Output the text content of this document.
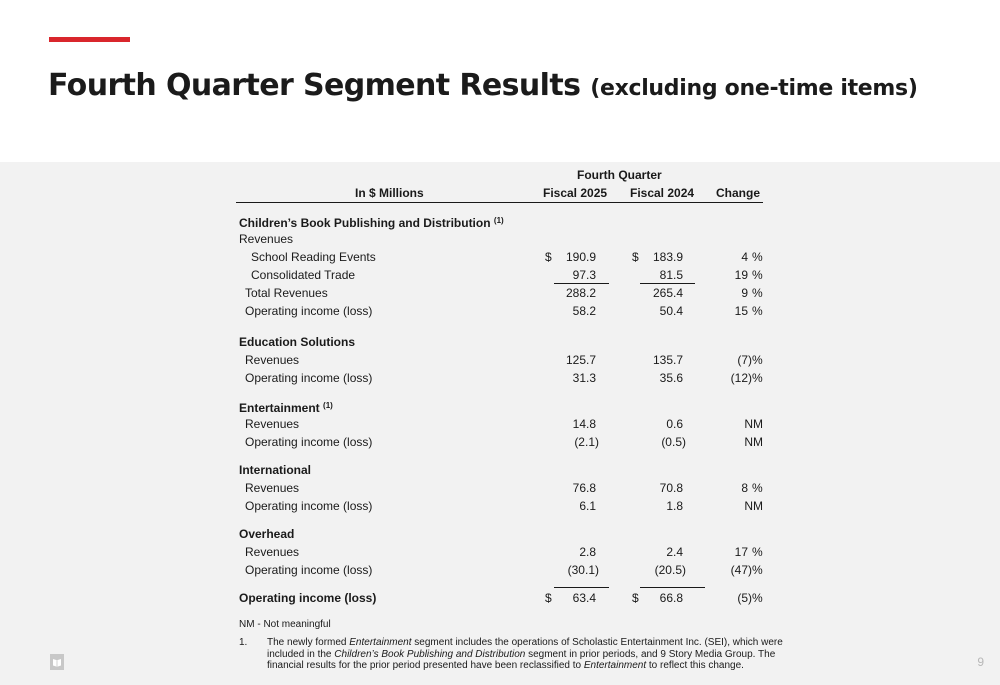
Fourth Quarter Segment Results (excluding one-time items)
Fourth Quarter
In $ Millions	Fiscal 2025 Fiscal 2024 Change
Children’s Book Publishing and Distribution $^{(1)}$
Revenues
School Reading Events	$	190.9	$	183.9	4 %
Consolidated Trade	97.3	81.5	19 %
Total Revenues	288.2	265.4	9 %
Operating income (loss)	58.2	50.4	15 %
Education Solutions
Revenues	125.7	135.7	(7) %
Operating income (loss)	31.3	35.6	(12) %
Entertainment $^{(1)}$
Revenues	14.8	0.6	NM
Operating income (loss)	(2.1)	(0.5)	NM
International
Revenues	76.8	70.8	8 %
Operating income (loss)	6.1	1.8	NM
Overhead
Revenues	2.8	2.4	17 %
Operating income (loss)	(30.1)	(20.5)	(47) %
Operating income (loss)	$	63.4	$	66.8	(5) %
NM - Not meaningful
1. The newly formed Entertainment segment includes the operations of Scholastic Entertainment Inc. (SEI), which were
included in the Children’s Book Publishing and Distribution segment in prior periods, and 9 Story Media Group. The
financial results for the prior period presented have been reclassified to Entertainment to reflect this change.	9
